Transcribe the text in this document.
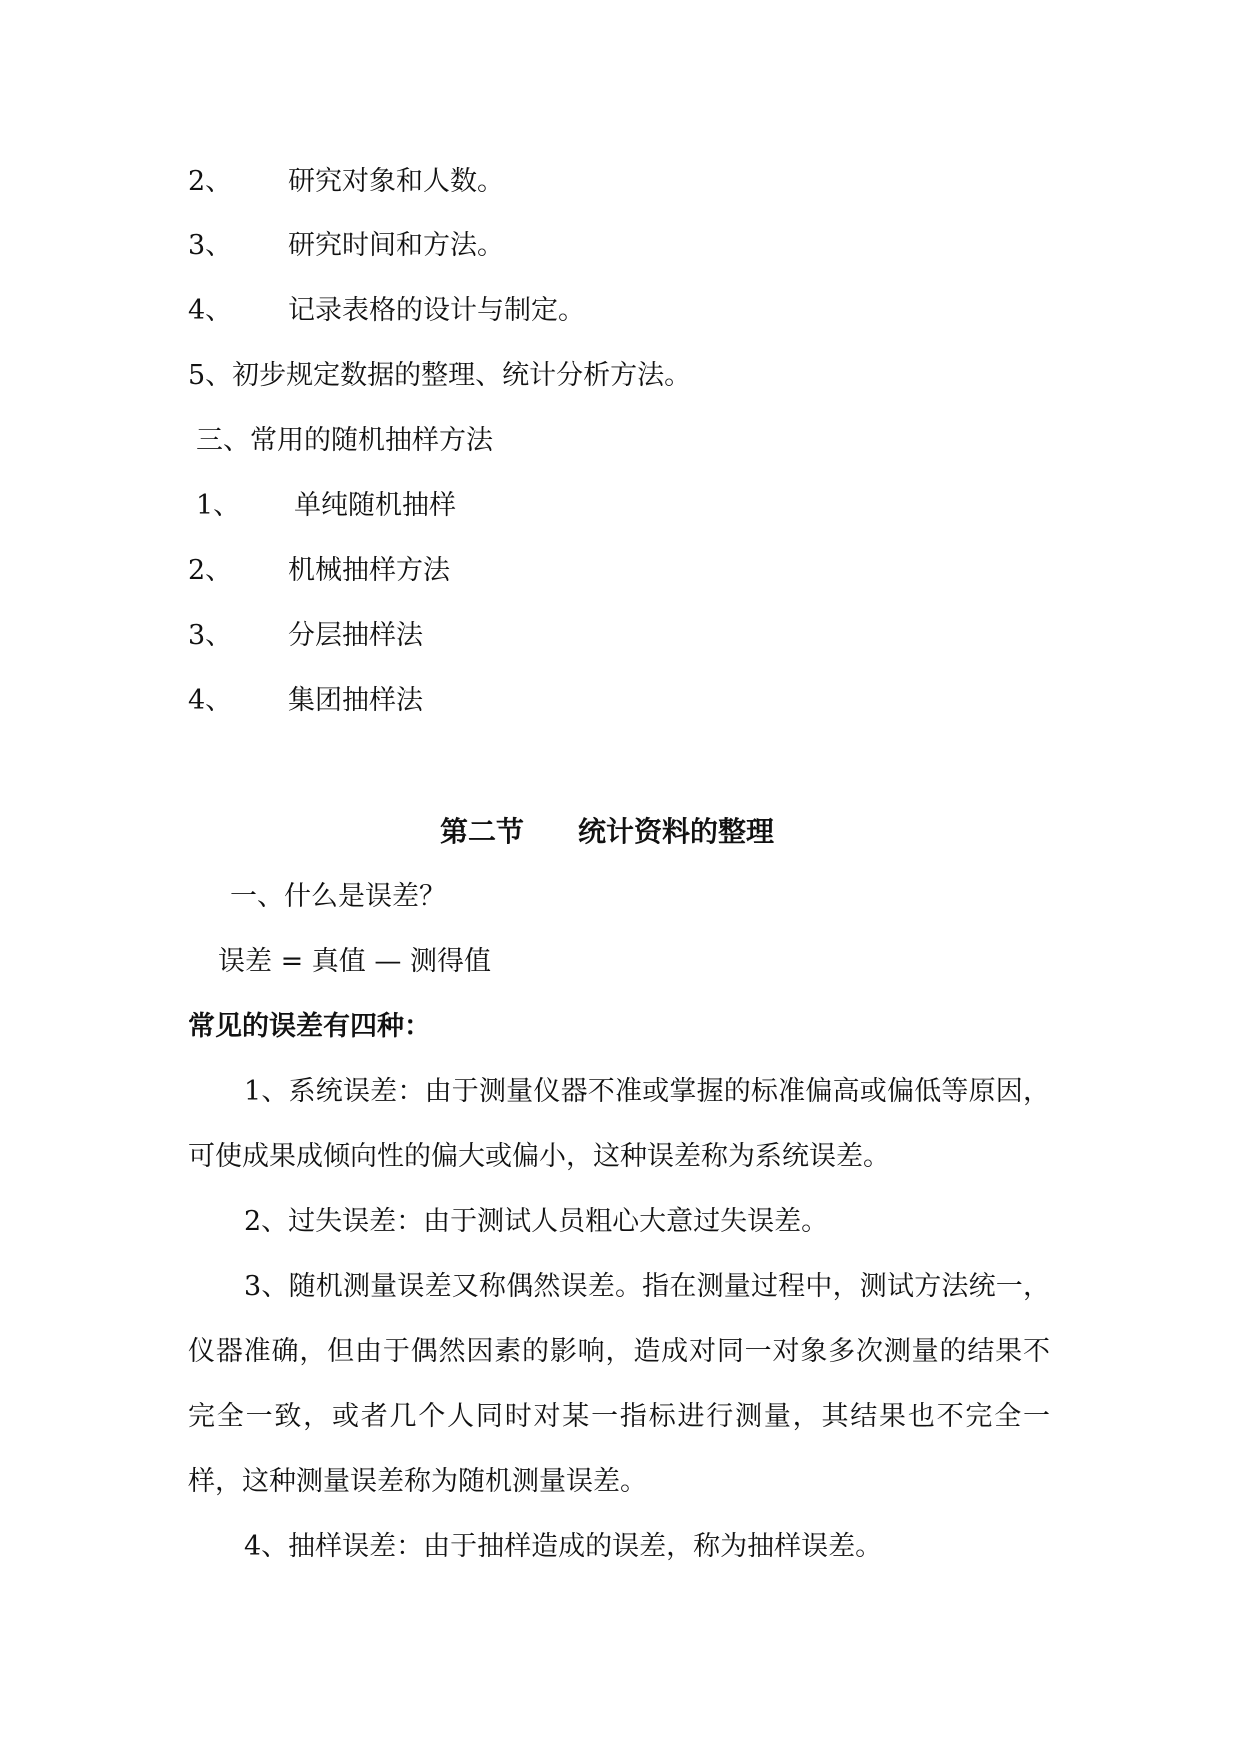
2、 研究对象和人数。
3、 研究时间和方法。
4、 记录表格的设计与制定。
5、初步规定数据的整理、统计分析方法。
三、常用的随机抽样方法
1、 单纯随机抽样
2、 机械抽样方法
3、 分层抽样法
4、 集团抽样法
第二节 统计资料的整理
一、什么是误差？
误差 = 真值 — 测得值
常见的误差有四种：
1、系统误差：由于测量仪器不准或掌握的标准偏高或偏低等原因，可使成果成倾向性的偏大或偏小，这种误差称为系统误差。
2、过失误差：由于测试人员粗心大意过失误差。
3、随机测量误差又称偶然误差。指在测量过程中，测试方法统一，仪器准确，但由于偶然因素的影响，造成对同一对象多次测量的结果不完全一致，或者几个人同时对某一指标进行测量，其结果也不完全一样，这种测量误差称为随机测量误差。
4、抽样误差：由于抽样造成的误差，称为抽样误差。
